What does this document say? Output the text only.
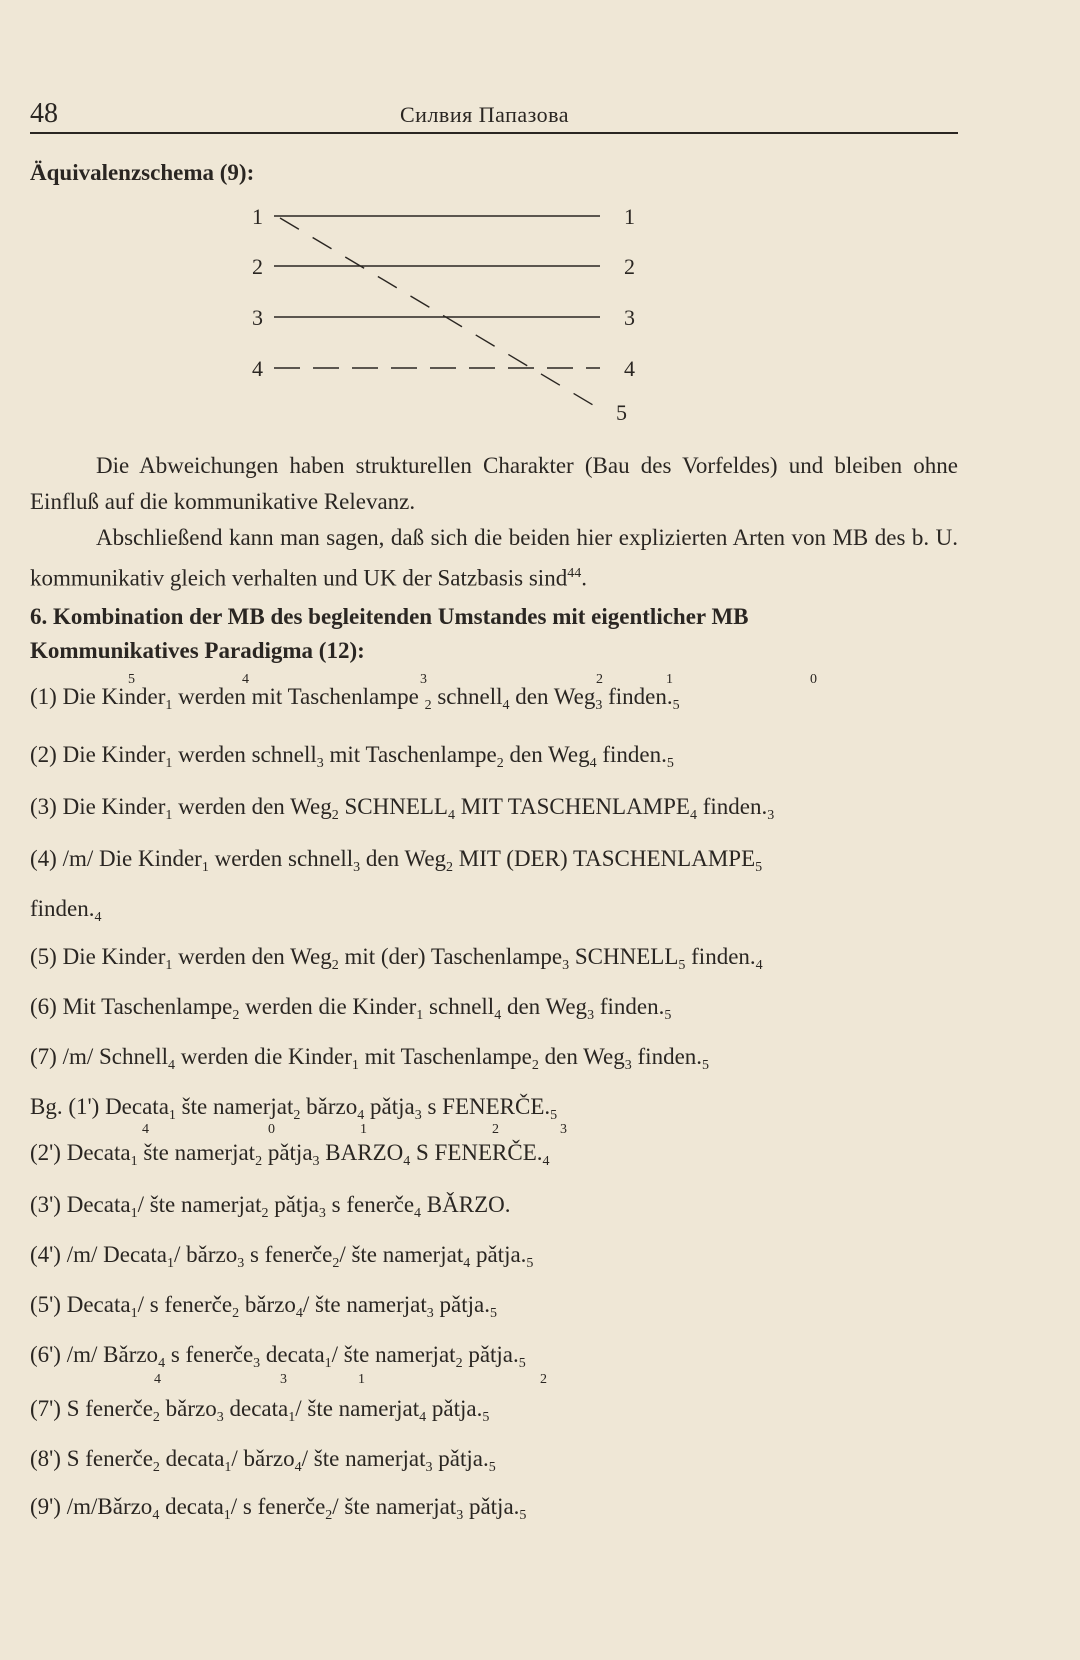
48	Силвия Папазова
Äquivalenzschema (9):
1
2
3
4
1
2
3
4
5

Die Abweichungen haben strukturellen Charakter (Bau des Vorfeldes) und bleiben ohne Einfluß auf die kommunikative Relevanz.

Abschließend kann man sagen, daß sich die beiden hier explizierten Arten von MB des b. U. kommunikativ gleich verhalten und UK der Satzbasis sind$^{44}$.

6. Kombination der MB des begleitenden Umstandes mit eigentlicher MB
Kommunikatives Paradigma (12):
5	4	3	2	1	0
4	0	1	2	3
4	3	1	2
(1) Die Kinder$_1$ werden mit Taschenlampe $_2$ schnell$_4$ den Weg$_3$ $finden._5$
(2) Die Kinder$_1$ werden schnell$_3$ mit Taschenlampe$_2$ den Weg$_4$ $finden._5$
(3) Die Kinder$_1$ werden den Weg$_2$ $SCHNELL_4$ MIT $TASCHENLAMPE_4$ $finden._3$
(4) /m/ Die Kinder$_1$ werden schnell$_3$ den Weg$_2$ MIT (DER) $TASCHENLAMPE_5$
$finden._4$
(5) Die Kinder$_1$ werden den Weg$_2$ mit (der) Taschenlampe$_3$ $SCHNELL_5$ $finden._4$
(6) Mit Taschenlampe$_2$ werden die Kinder$_1$ schnell$_4$ den Weg$_3$ $finden._5$
(7) /m/ Schnell$_4$ werden die Kinder$_1$ mit Taschenlampe$_2$ den Weg$_3$ $finden._5$
Bg. (1') Decata$_1$ šte namerjat$_2$ bǎrzo$_4$ pǎtja$_3$ s $FENERČE._5$
(2') Decata$_1$ šte namerjat$_2$ pǎtja$_3$ $BARZO_4$ S $FENERČE._4$
(3') Decata$_1$/ šte namerjat$_2$ pǎtja$_3$ s fenerče$_4$ BǍRZO.
(4') /m/ Decata$_1$/ bǎrzo$_3$ s fenerče$_2$/ šte namerjat$_4$ $pǎtja._5$
(5') Decata$_1$/ s fenerče$_2$ bǎrzo$_4$/ šte namerjat$_3$ $pǎtja._5$
(6') /m/ Bǎrzo$_4$ s fenerče$_3$ decata$_1$/ šte namerjat$_2$ $pǎtja._5$
(7') S fenerče$_2$ bǎrzo$_3$ decata$_1$/ šte namerjat$_4$ $pǎtja._5$
(8') S fenerče$_2$ decata$_1$/ bǎrzo$_4$/ šte namerjat$_3$ $pǎtja._5$
(9') /m/Bǎrzo$_4$ decata$_1$/ s fenerče$_2$/ šte namerjat$_3$ $pǎtja._5$
